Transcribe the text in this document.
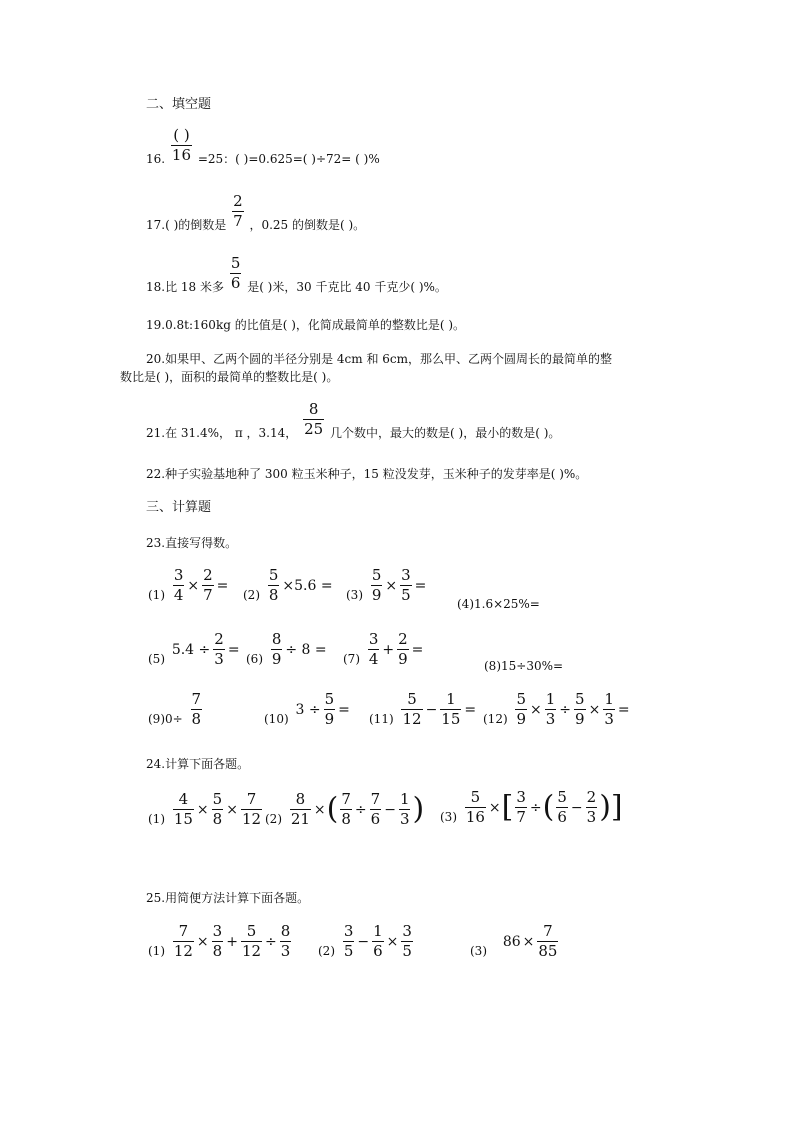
二、填空题
16. $\frac{( )}{16} =25$：( )=0.625=( )÷72= ( )%
17.( )的倒数是 $\frac{2}{7}$ ，0.25 的倒数是( )。
18.比 18 米多 $\frac{5}{6}$ 是( )米，30 千克比 40 千克少( )%。
19.0.8t:160kg 的比值是( )，化简成最简单的整数比是( )。
20.如果甲、乙两个圆的半径分别是 4cm 和 6cm，那么甲、乙两个圆周长的最简单的整
数比是( )，面积的最简单的整数比是( )。
21.在 31.4%， π ，3.14， $\frac{8}{25}$ 几个数中，最大的数是( )，最小的数是( )。
22.种子实验基地种了 300 粒玉米种子，15 粒没发芽，玉米种子的发芽率是( )%。
三、计算题
23.直接写得数。
$(1) \frac{3}{4} \times \frac{2}{7}$ =
$(2) \frac{5}{8} \times 5.6$ =
$(3) \frac{5}{9} \times \frac{3}{5}$ =
(4)1.6×25%=
(5) $5.4 \div \frac{2}{3}$ =
$(6) \frac{8}{9} \div 8$ =
$(7) \frac{3}{4} + \frac{2}{9}$ =
(8)15÷30%=
$(9)0\div \frac{7}{8}$	(10) $3 \div \frac{5}{9}$ =
$(11) \frac{5}{12} - \frac{1}{15}$ =
$(12) \frac{5}{9} \times \frac{1}{3} \div \frac{5}{9} \times \frac{1}{3}$ =
24.计算下面各题。
$(1) \frac{4}{15} \times \frac{5}{8} \times \frac{7}{12} (2) \frac{8}{21}$ ×( $\frac{7}{8} \div \frac{7}{6} - \frac{1}{3}$ ) $(3) \frac{5}{16}$ ×[ $\frac{3}{7}$ ÷( $\frac{5}{6} - \frac{2}{3}$ )]
25.用简便方法计算下面各题。
$(1) \frac{7}{12} \times \frac{3}{8} + \frac{5}{12} \div \frac{8}{3} (2) \frac{3}{5} - \frac{1}{6} \times \frac{3}{5}$	(3) $86 \times \frac{7}{85}$
